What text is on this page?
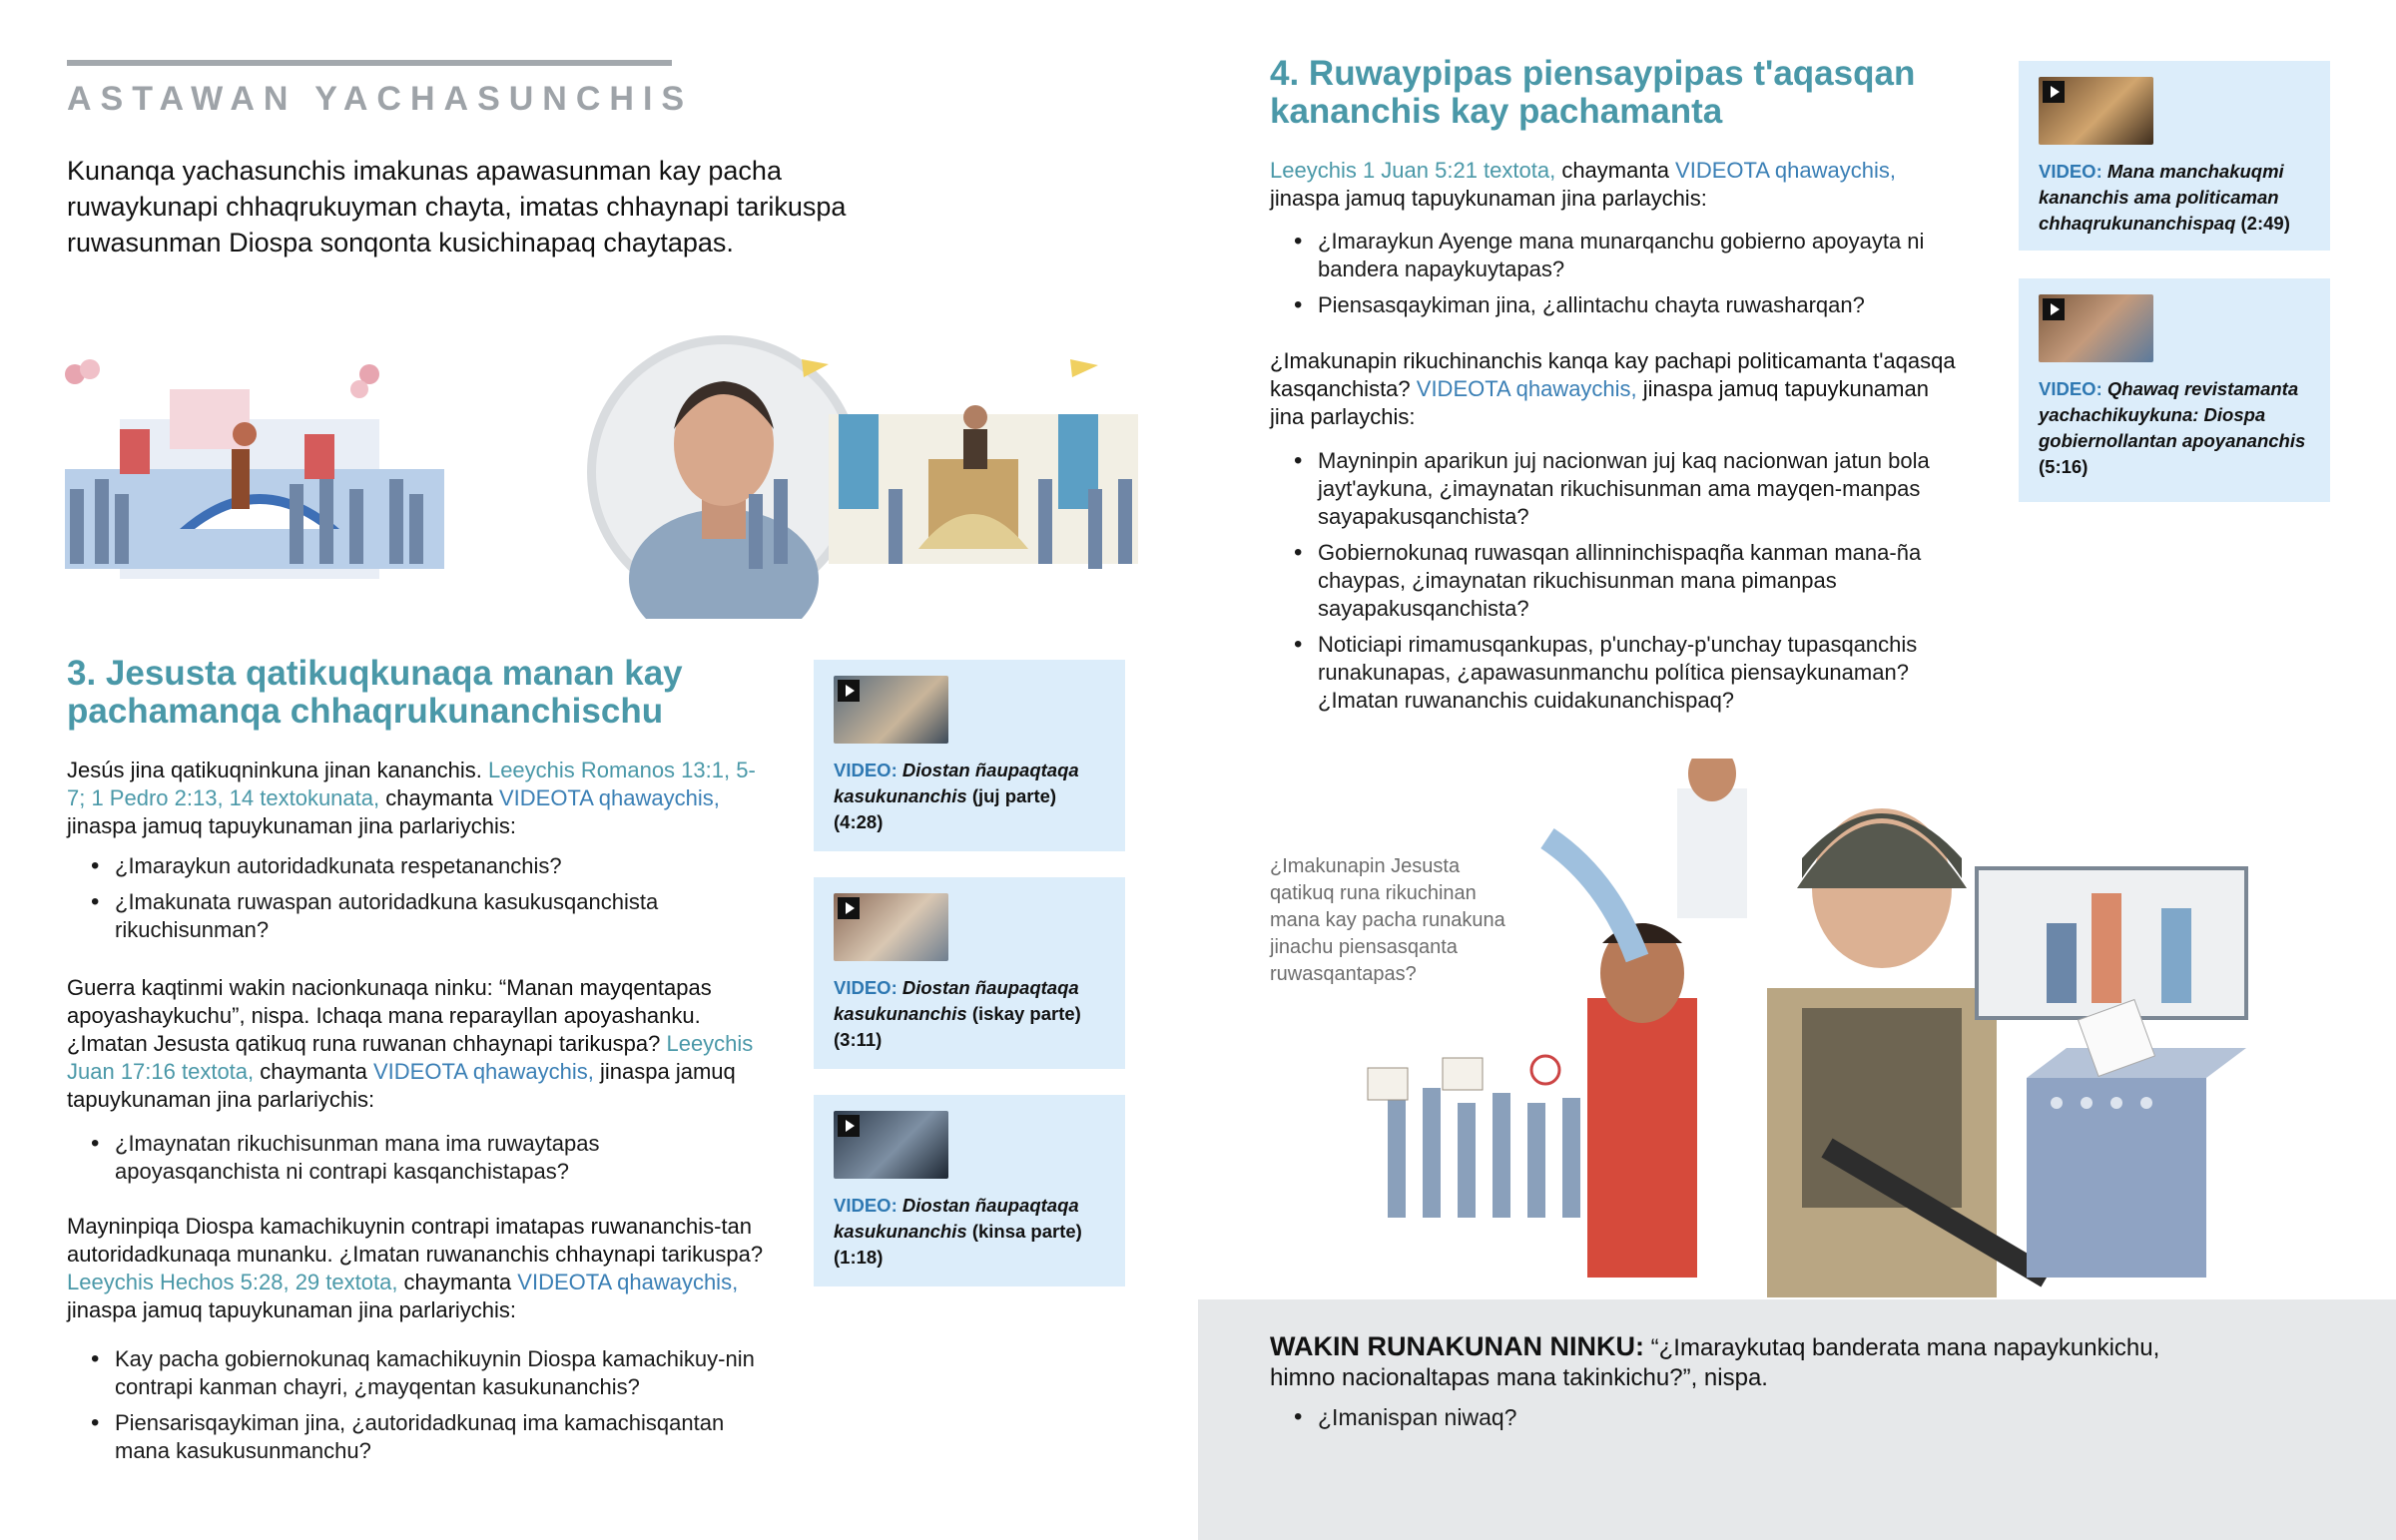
ASTAWAN YACHASUNCHIS
Kunanqa yachasunchis imakunas apawasunman kay pacha ruwaykunapi chhaqrukuyman chayta, imatas chhaynapi tarikuspa ruwasunman Diospa sonqonta kusichinapaq chaytapas.
3. Jesusta qatikuqkunaqa manan kay pachamanqa chhaqrukunanchischu
Jesús jina qatikuqninkuna jinan kananchis. Leeychis Romanos 13:1, 5-7; 1 Pedro 2:13, 14 textokunata, chaymanta VIDEOTA qhawaychis, jinaspa jamuq tapuykunaman jina parlariychis:
• ¿Imaraykun autoridadkunata respetananchis?
• ¿Imakunata ruwaspan autoridadkuna kasukusqanchista rikuchisunman?
Guerra kaqtinmi wakin nacionkunaqa ninku: “Manan mayqentapas apoyashaykuchu”, nispa. Ichaqa mana reparayllan apoyashanku. ¿Imatan Jesusta qatikuq runa ruwanan chhaynapi tarikuspa? Leeychis Juan 17:16 textota, chaymanta VIDEOTA qhawaychis, jinaspa jamuq tapuykunaman jina parlariychis:
• ¿Imaynatan rikuchisunman mana ima ruwaytapas apoyasqanchista ni contrapi kasqanchistapas?
Mayninpiqa Diospa kamachikuynin contrapi imatapas ruwananchis-tan autoridadkunaqa munanku. ¿Imatan ruwananchis chhaynapi tarikuspa? Leeychis Hechos 5:28, 29 textota, chaymanta VIDEOTA qhawaychis, jinaspa jamuq tapuykunaman jina parlariychis:
• Kay pacha gobiernokunaq kamachikuynin Diospa kamachikuy-nin contrapi kanman chayri, ¿mayqentan kasukunanchis?
• Piensarisqaykiman jina, ¿autoridadkunaq ima kamachisqantan mana kasukusunmanchu?
VIDEO: Diostan ñaupaqtaqa kasukunanchis (juj parte)
(4:28)
VIDEO: Diostan ñaupaqtaqa kasukunanchis (iskay parte)
(3:11)
VIDEO: Diostan ñaupaqtaqa kasukunanchis (kinsa parte)
(1:18)
4. Ruwaypipas piensaypipas t'aqasqan kananchis kay pachamanta
Leeychis 1 Juan 5:21 textota, chaymanta VIDEOTA qhawaychis, jinaspa jamuq tapuykunaman jina parlaychis:
• ¿Imaraykun Ayenge mana munarqanchu gobierno apoyayta ni bandera napaykuytapas?
• Piensasqaykiman jina, ¿allintachu chayta ruwasharqan?
¿Imakunapin rikuchinanchis kanqa kay pachapi politicamanta t'aqasqa kasqanchista? VIDEOTA qhawaychis, jinaspa jamuq tapuykunaman jina parlaychis:
• Mayninpin aparikun juj nacionwan juj kaq nacionwan jatun bola jayt'aykuna, ¿imaynatan rikuchisunman ama mayqen-manpas sayapakusqanchista?
• Gobiernokunaq ruwasqan allinninchispaqña kanman mana-ña chaypas, ¿imaynatan rikuchisunman mana pimanpas sayapakusqanchista?
• Noticiapi rimamusqankupas, p'unchay-p'unchay tupasqanchis runakunapas, ¿apawasunmanchu política piensaykunaman? ¿Imatan ruwananchis cuidakunanchispaq?
VIDEO: Mana manchakuqmi kananchis ama politicaman chhaqrukunanchispaq (2:49)
VIDEO: Qhawaq revistamanta yachachikuykuna: Diospa gobiernollantan apoyananchis (5:16)
¿Imakunapin Jesusta qatikuq runa rikuchinan mana kay pacha runakuna jinachu piensasqanta ruwasqantapas?
WAKIN RUNAKUNAN NINKU: “¿Imaraykutaq banderata mana napaykunkichu, himno nacionaltapas mana takinkichu?”, nispa.
• ¿Imanispan niwaq?
